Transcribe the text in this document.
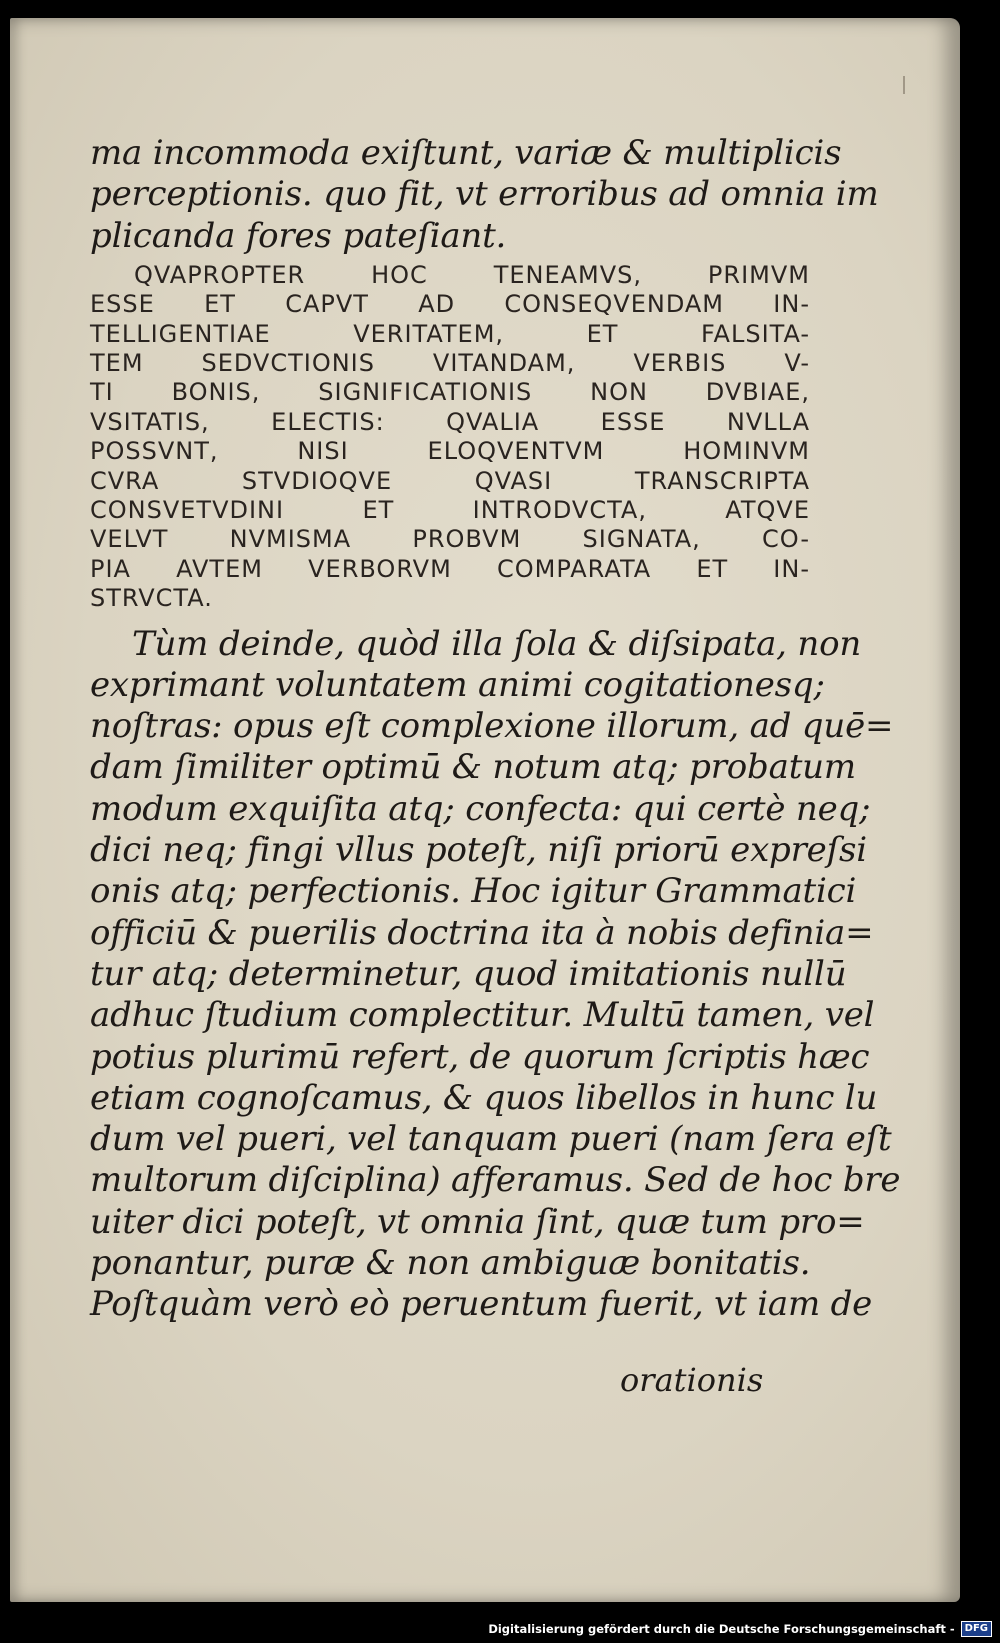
ma incommoda exiſtunt, variæ & multiplicis
perceptionis. quo fit, vt erroribus ad omnia im
plicanda fores pateſiant.
QVAPROPTER HOC TENEAMVS, PRIMVM
ESSE ET CAPVT AD CONSEQVENDAM IN-
TELLIGENTIAE VERITATEM, ET FALSITA-
TEM SEDVCTIONIS VITANDAM, VERBIS V-
TI BONIS, SIGNIFICATIONIS NON DVBIAE,
VSITATIS, ELECTIS: QVALIA ESSE NVLLA
POSSVNT, NISI ELOQVENTVM HOMINVM
CVRA STVDIOQVE QVASI TRANSCRIPTA
CONSVETVDINI ET INTRODVCTA, ATQVE
VELVT NVMISMA PROBVM SIGNATA, CO-
PIA AVTEM VERBORVM COMPARATA ET IN-
STRVCTA.
Tùm deinde, quòd illa ſola & diſsipata, non
exprimant voluntatem animi cogitationesq;
noſtras: opus eſt complexione illorum, ad quē=
dam ſimiliter optimū & notum atq; probatum
modum exquiſita atq; confecta: qui certè neq;
dici neq; fingi vllus poteſt, niſi priorū expreſsi
onis atq; perfectionis. Hoc igitur Grammatici
officiū & puerilis doctrina ita à nobis definia=
tur atq; determinetur, quod imitationis nullū
adhuc ſtudium complectitur. Multū tamen, vel
potius plurimū refert, de quorum ſcriptis hæc
etiam cognoſcamus, & quos libellos in hunc lu
dum vel pueri, vel tanquam pueri (nam ſera eſt
multorum diſciplina) afferamus. Sed de hoc bre
uiter dici poteſt, vt omnia ſint, quæ tum pro=
ponantur, puræ & non ambiguæ bonitatis.
Poſtquàm verò eò peruentum fuerit, vt iam de
orationis
Digitalisierung gefördert durch die Deutsche Forschungsgemeinschaft -	DFG
